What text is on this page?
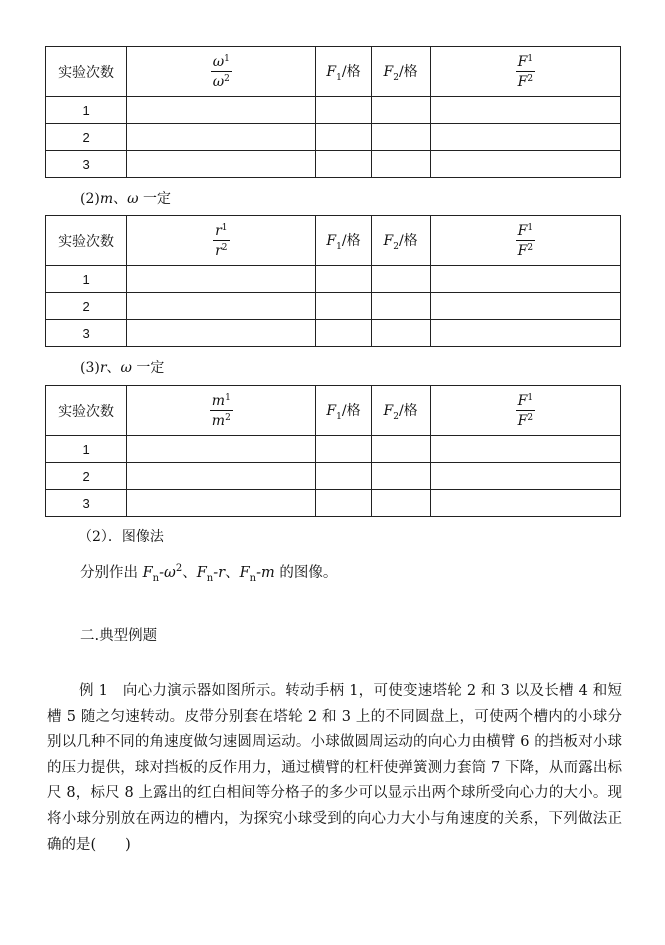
实验次数	$\frac{\omega^1}{\omega^2}$	$F_1/$格	$F_2/$格	$\frac{F^1}{F^2}$

1				
2				
3				
(2)m、ω 一定
实验次数	$\frac{r^1}{r^2}$	$F_1/$格	$F_2/$格	$\frac{F^1}{F^2}$

1				
2				
3				
(3)r、ω 一定
实验次数	$\frac{m^1}{m^2}$	$F_1/$格	$F_2/$格	$\frac{F^1}{F^2}$

1				
2				
3				
（2）．图像法
分别作出 $F_n-\omega^2$、$F_n-r$、$F_n-m$ 的图像。
二.典型例题

例 1　向心力演示器如图所示。转动手柄 1，可使变速塔轮 2 和 3 以及长槽 4 和短槽 5 随之匀速转动。皮带分别套在塔轮 2 和 3 上的不同圆盘上，可使两个槽内的小球分别以几种不同的角速度做匀速圆周运动。小球做圆周运动的向心力由横臂 6 的挡板对小球的压力提供，球对挡板的反作用力，通过横臂的杠杆使弹簧测力套筒 7 下降，从而露出标尺 8，标尺 8 上露出的红白相间等分格子的多少可以显示出两个球所受向心力的大小。现将小球分别放在两边的槽内，为探究小球受到的向心力大小与角速度的关系，下列做法正确的是(　　)
